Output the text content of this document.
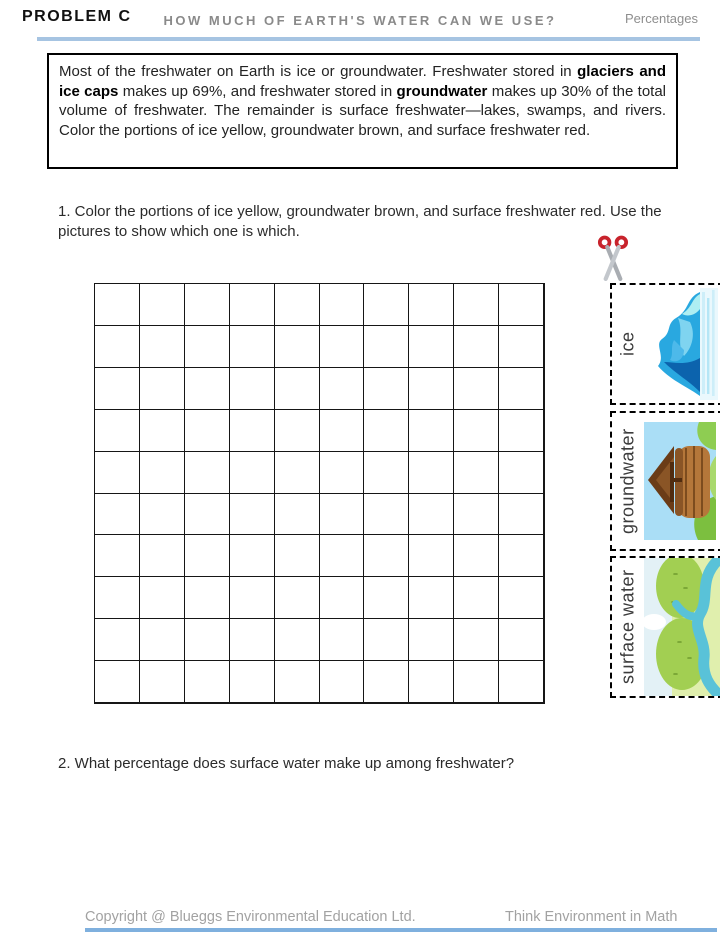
PROBLEM C	HOW MUCH OF EARTH'S WATER CAN WE USE?	Percentages
Most of the freshwater on Earth is ice or groundwater. Freshwater stored in glaciers and ice caps makes up 69%, and freshwater stored in groundwater makes up 30% of the total volume of freshwater. The remainder is surface freshwater—lakes, swamps, and rivers. Color the portions of ice yellow, groundwater brown, and surface freshwater red.
1. Color the portions of ice yellow, groundwater brown, and surface freshwater red. Use the pictures to show which one is which.
ice
groundwater
surface water
2. What percentage does surface water make up among freshwater?
Copyright @ Blueggs Environmental Education Ltd.	Think Environment in Math
